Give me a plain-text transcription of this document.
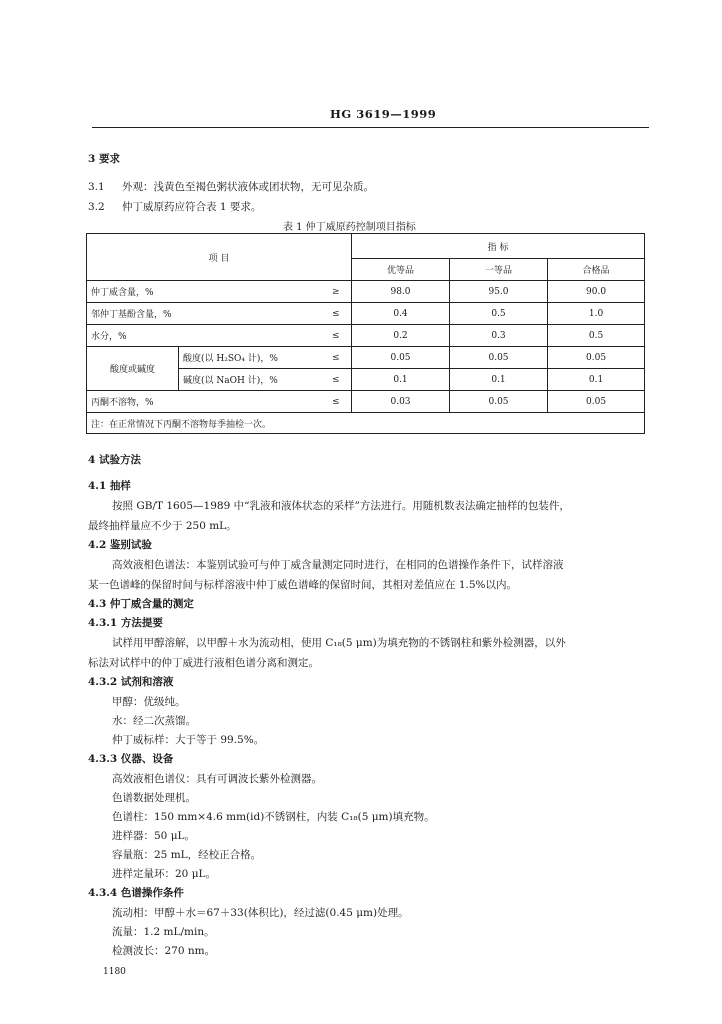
HG 3619—1999
3 要求
3.1 外观：浅黄色至褐色粥状液体或团状物，无可见杂质。
3.2 仲丁威原药应符合表 1 要求。
表 1 仲丁威原药控制项目指标
项 目			指 标		
			优等品	一等品	合格品
仲丁威含量，%		≥	98.0	95.0	90.0
邻仲丁基酚含量，%		≤	0.4	0.5	1.0
水分，%		≤	0.2	0.3	0.5
酸度或碱度	酸度(以 H₂SO₄ 计)，%	≤	0.05	0.05	0.05
	碱度(以 NaOH 计)，%	≤	0.1	0.1	0.1
丙酮不溶物，%		≤	0.03	0.05	0.05
注：在正常情况下丙酮不溶物每季抽检一次。					
4 试验方法
4.1 抽样
按照 GB/T 1605—1989 中“乳液和液体状态的采样”方法进行。用随机数表法确定抽样的包装件，
最终抽样量应不少于 250 mL。
4.2 鉴别试验
高效液相色谱法：本鉴别试验可与仲丁威含量测定同时进行，在相同的色谱操作条件下，试样溶液
某一色谱峰的保留时间与标样溶液中仲丁威色谱峰的保留时间，其相对差值应在 1.5%以内。
4.3 仲丁威含量的测定
4.3.1 方法提要
试样用甲醇溶解，以甲醇＋水为流动相，使用 C₁₈(5 μm)为填充物的不锈钢柱和紫外检测器，以外
标法对试样中的仲丁威进行液相色谱分离和测定。
4.3.2 试剂和溶液
甲醇：优级纯。
水：经二次蒸馏。
仲丁威标样：大于等于 99.5%。
4.3.3 仪器、设备
高效液相色谱仪：具有可调波长紫外检测器。
色谱数据处理机。
色谱柱：150 mm×4.6 mm(id)不锈钢柱，内装 C₁₈(5 μm)填充物。
进样器：50 μL。
容量瓶：25 mL，经校正合格。
进样定量环：20 μL。
4.3.4 色谱操作条件
流动相：甲醇＋水＝67＋33(体积比)，经过滤(0.45 μm)处理。
流量：1.2 mL/min。
检测波长：270 nm。
1180
